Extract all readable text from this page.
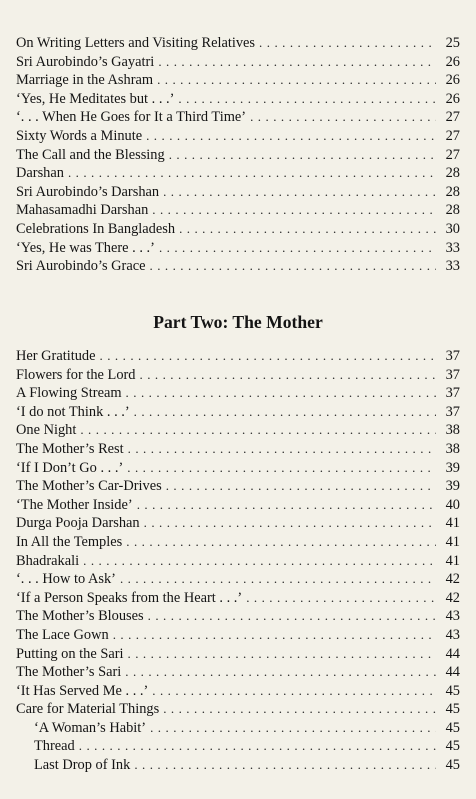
On Writing Letters and Visiting Relatives . . .	25
Sri Aurobindo’s Gayatri . . .	26
Marriage in the Ashram . . .	26
‘Yes, He Meditates but . . .’ . . .	26
‘. . . When He Goes for It a Third Time’ . . .	27
Sixty Words a Minute . . .	27
The Call and the Blessing . . .	27
Darshan . . .	28
Sri Aurobindo’s Darshan . . .	28
Mahasamadhi Darshan . . .	28
Celebrations In Bangladesh . . .	30
‘Yes, He was There . . .’ . . .	33
Sri Aurobindo’s Grace . . .	33
Part Two: The Mother
Her Gratitude . . .	37
Flowers for the Lord . . .	37
A Flowing Stream . . .	37
‘I do not Think . . .’ . . .	37
One Night . . .	38
The Mother’s Rest . . .	38
‘If I Don’t Go . . .’ . . .	39
The Mother’s Car-Drives . . .	39
‘The Mother Inside’ . . .	40
Durga Pooja Darshan . . .	41
In All the Temples . . .	41
Bhadrakali . . .	41
‘. . . How to Ask’ . . .	42
‘If a Person Speaks from the Heart . . .’ . . .	42
The Mother’s Blouses . . .	43
The Lace Gown . . .	43
Putting on the Sari . . .	44
The Mother’s Sari . . .	44
‘It Has Served Me . . .’ . . .	45
Care for Material Things . . .	45
‘A Woman’s Habit’ . . .	45
Thread . . .	45
Last Drop of Ink . . .	45
